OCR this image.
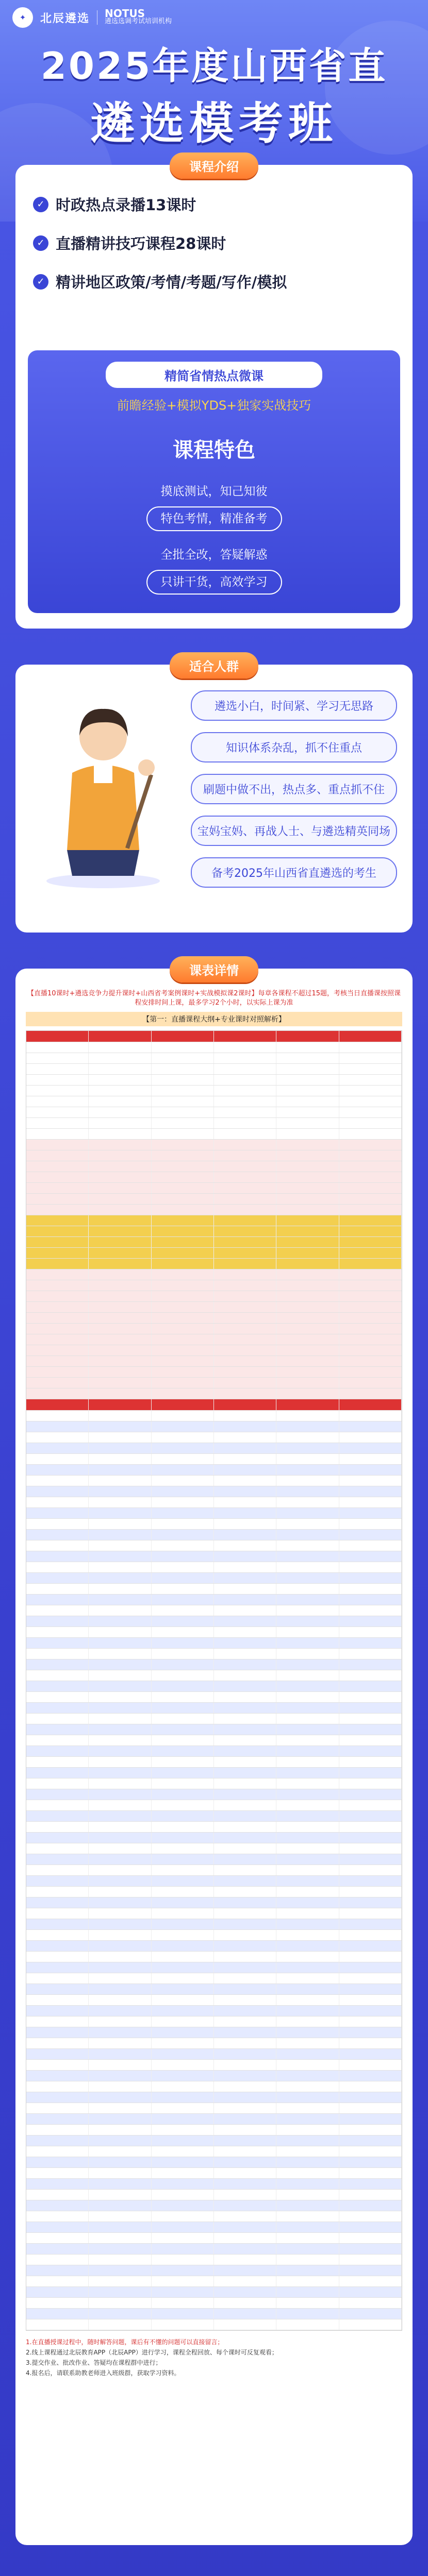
✦	北辰遴选 NOTUS
遴选选调考试培训机构
2025年度山西省直
遴选模考班
课程介绍
✓ 时政热点录播13课时
✓ 直播精讲技巧课程28课时
✓ 精讲地区政策/考情/考题/写作/模拟
精简省情热点微课
前瞻经验+模拟YDS+独家实战技巧
课程特色
摸底测试，知己知彼
特色考情，精准备考
全批全改，答疑解惑
只讲干货，高效学习
适合人群
遴选小白，时间紧、学习无思路
知识体系杂乱，抓不住重点
刷题中做不出，热点多、重点抓不住
宝妈宝妈、再战人士、与遴选精英同场
备考2025年山西省直遴选的考生
课表详情
【直播10课时+遴选竞争力提升课时+山西省考案例课时+实战模拟课2课时】每章各课程不超过15题，考核当日直播课按照课程安排时间上课，最多学习2个小时，以实际上课为准
【第一：直播课程大纲+专业课时对照解析】
1.在直播授课过程中，随时解答问题，课后有不懂的问题可以直接留言；
2.线上课程通过北辰教育APP（北辰APP）进行学习，课程全程回放、每个课时可反复观看；
3.提交作业、批改作业、答疑均在课程群中进行；
4.报名后，请联系助教老师进入班级群，获取学习资料。
